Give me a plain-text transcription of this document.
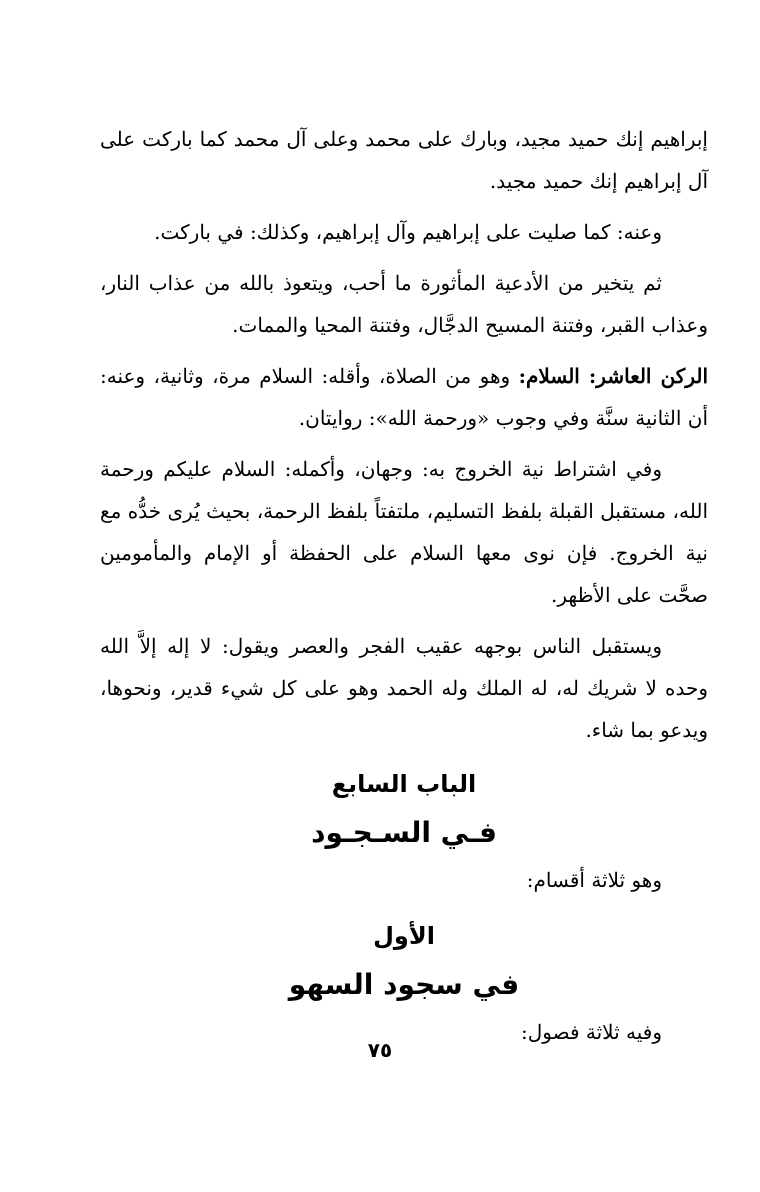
إبراهيم إنك حميد مجيد، وبارك على محمد وعلى آل محمد كما باركت على آل إبراهيم إنك حميد مجيد.

وعنه: كما صليت على إبراهيم وآل إبراهيم، وكذلك: في باركت.

ثم يتخير من الأدعية المأثورة ما أحب، ويتعوذ بالله من عذاب النار، وعذاب القبر، وفتنة المسيح الدجَّال، وفتنة المحيا والممات.

الركن العاشر: السلام: وهو من الصلاة، وأقله: السلام مرة، وثانية، وعنه: أن الثانية سنَّة وفي وجوب «ورحمة الله»: روايتان.

وفي اشتراط نية الخروج به: وجهان، وأكمله: السلام عليكم ورحمة الله، مستقبل القبلة بلفظ التسليم، ملتفتاً بلفظ الرحمة، بحيث يُرى خدُّه مع نية الخروج. فإن نوى معها السلام على الحفظة أو الإمام والمأمومين صحَّت على الأظهر.

ويستقبل الناس بوجهه عقيب الفجر والعصر ويقول: لا إله إلاَّ الله وحده لا شريك له، له الملك وله الحمد وهو على كل شيء قدير، ونحوها، ويدعو بما شاء.

الباب السابع
فـي السـجـود

وهو ثلاثة أقسام:

الأول
في سجود السهو

وفيه ثلاثة فصول:

٧٥
